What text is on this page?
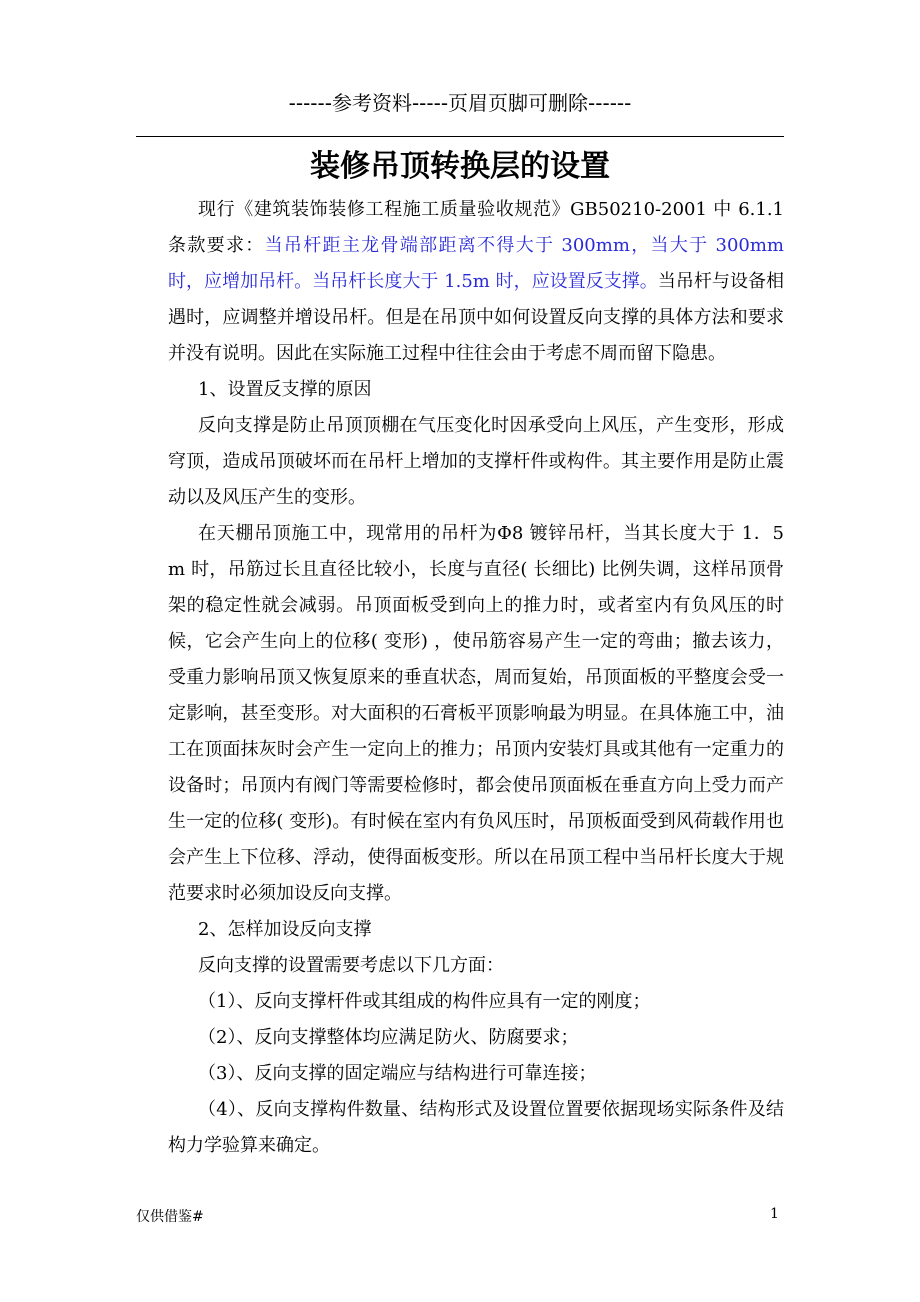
------参考资料-----页眉页脚可删除------
装修吊顶转换层的设置

现行《建筑装饰装修工程施工质量验收规范》GB50210-2001 中 6.1.1 条款要求：当吊杆距主龙骨端部距离不得大于 300mm，当大于 300mm 时，应增加吊杆。当吊杆长度大于 1.5m 时，应设置反支撑。当吊杆与设备相遇时，应调整并增设吊杆。但是在吊顶中如何设置反向支撑的具体方法和要求并没有说明。因此在实际施工过程中往往会由于考虑不周而留下隐患。

1、设置反支撑的原因

反向支撑是防止吊顶顶棚在气压变化时因承受向上风压，产生变形，形成穹顶，造成吊顶破坏而在吊杆上增加的支撑杆件或构件。其主要作用是防止震动以及风压产生的变形。

在天棚吊顶施工中，现常用的吊杆为Φ8 镀锌吊杆，当其长度大于 1．5 m 时，吊筋过长且直径比较小，长度与直径( 长细比) 比例失调，这样吊顶骨架的稳定性就会减弱。吊顶面板受到向上的推力时，或者室内有负风压的时候，它会产生向上的位移( 变形) ，使吊筋容易产生一定的弯曲；撤去该力，受重力影响吊顶又恢复原来的垂直状态，周而复始，吊顶面板的平整度会受一定影响，甚至变形。对大面积的石膏板平顶影响最为明显。在具体施工中，油工在顶面抹灰时会产生一定向上的推力；吊顶内安装灯具或其他有一定重力的设备时；吊顶内有阀门等需要检修时，都会使吊顶面板在垂直方向上受力而产生一定的位移( 变形)。有时候在室内有负风压时，吊顶板面受到风荷载作用也会产生上下位移、浮动，使得面板变形。所以在吊顶工程中当吊杆长度大于规范要求时必须加设反向支撑。

2、怎样加设反向支撑

反向支撑的设置需要考虑以下几方面：

（1）、反向支撑杆件或其组成的构件应具有一定的刚度；

（2）、反向支撑整体均应满足防火、防腐要求；

（3）、反向支撑的固定端应与结构进行可靠连接；

（4）、反向支撑构件数量、结构形式及设置位置要依据现场实际条件及结构力学验算来确定。

仅供借鉴#	1
